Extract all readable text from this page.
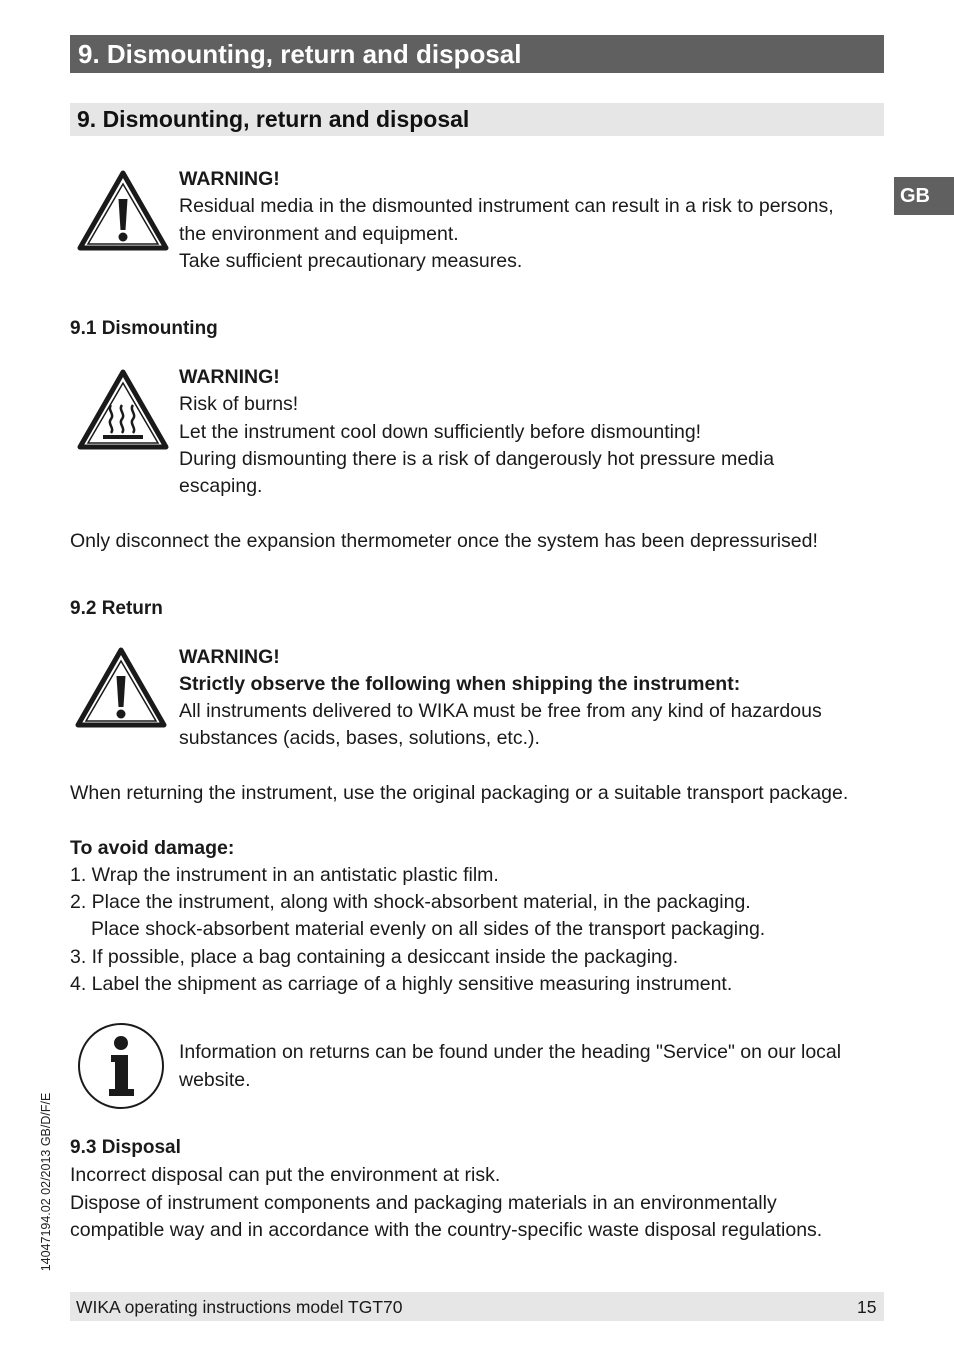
9. Dismounting, return and disposal
9. Dismounting, return and disposal
GB
WARNING!
Residual media in the dismounted instrument can result in a risk to persons,
the environment and equipment.
Take sufficient precautionary measures.
9.1 Dismounting
WARNING!
Risk of burns!
Let the instrument cool down sufficiently before dismounting!
During dismounting there is a risk of dangerously hot pressure media
escaping.
Only disconnect the expansion thermometer once the system has been depressurised!
9.2 Return
WARNING!
Strictly observe the following when shipping the instrument:
All instruments delivered to WIKA must be free from any kind of hazardous
substances (acids, bases, solutions, etc.).
When returning the instrument, use the original packaging or a suitable transport package.
To avoid damage:
1. Wrap the instrument in an antistatic plastic film.
2. Place the instrument, along with shock-absorbent material, in the packaging.
Place shock-absorbent material evenly on all sides of the transport packaging.
3. If possible, place a bag containing a desiccant inside the packaging.
4. Label the shipment as carriage of a highly sensitive measuring instrument.
Information on returns can be found under the heading "Service" on our local
website.
9.3 Disposal
Incorrect disposal can put the environment at risk.
Dispose of instrument components and packaging materials in an environmentally
compatible way and in accordance with the country-specific waste disposal regulations.
14047194.02 02/2013 GB/D/F/E
WIKA operating instructions model TGT70	15
